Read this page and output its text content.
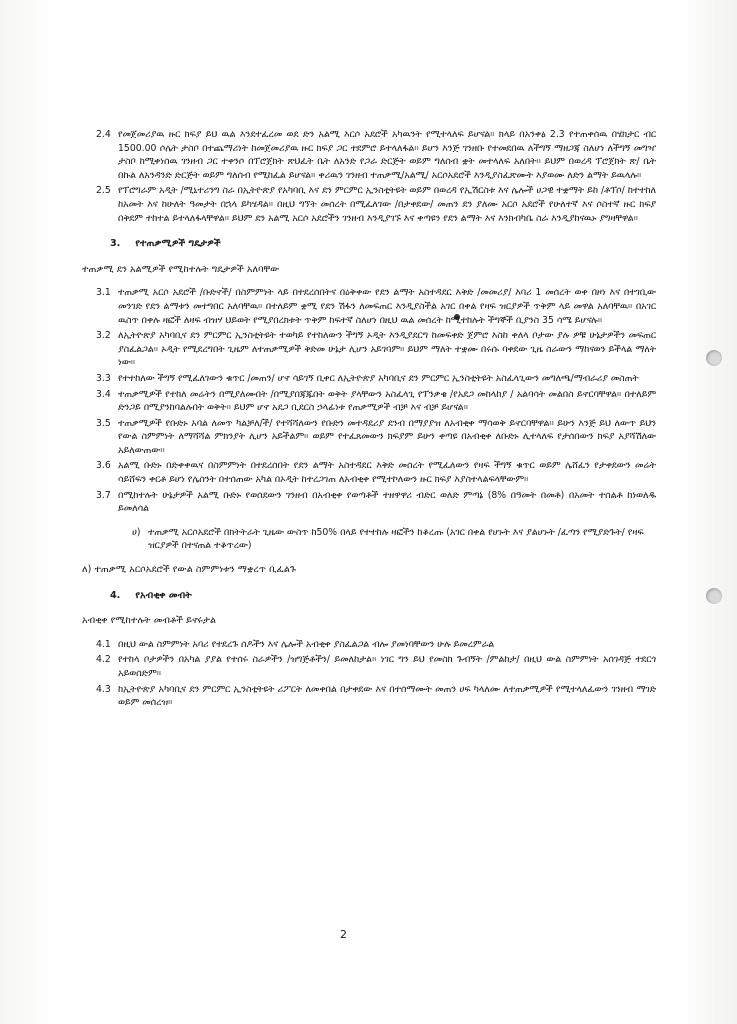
2.4 የመጀመሪያዉ ዙር ክፍያ ይህ ዉል እንደተፈረመ ወደ ድን አልሚ እርሶ አደሮች አካዉንት የሚተላለፍ ይሆናል። ክላይ በአንቀፅ 2.3 የተጠቀሰዉ በሄክታር ብር 1500.00 ሶሌት ታስቦ በተጨማሪነት ከመጀመሪያዉ ዙር ክፍያ ጋር ተደምሮ ይተላለፋል። ይሆን እንጅ ገንዘቡ የተመደበዉ ለችግኝ ማዘጋጃ ስለሆነ ለችግኝ መግዣ ታስቦ ከሚቀነሰዉ ገንዘብ ጋር ተቀንሶ በፕሮጀክት ጽህፈት ቤት ለአንድ የጋራ ድርጅት ወይም ግለሰብ ቋት መተላለፍ አለበት። ይህም በወረዳ ፕሮጀክት ጽ/ ቤት በኩል ለአንዳንድ ድርጅት ወይም ግለሰብ የሚከፈል ይሆናል። ቀሪዉን ገንዘብ ተጠቃሚ/አልሚ/ አርሶአደሮች እንዲያስፈጽሙት እያወሙ ለድን ልማት ይዉላሉ።
2.5 የፕሮግራም አዲት /ሚኒተሪንግ ስራ በኢትዮጵያ የአካባቢ እና ደን ምርምር ኢንስቲትዩት ወይም በወረዳ የኢሽርስቱ እና ሌሎች ሀጋዊ ተቋማት ይከ /ቶፕሶ/ ከተተከለ ከአመት እና ከሁለት ዓመታት በኋላ ይካሄዳል። በዚህ ግኘት መሰረት በሚፈለገው /በታቀደው/ መጠን ደን ያለሙ አርሶ አደሮች የሁለተኛ እና ሶስተኛ ዙር ክፍያ በቅደም ተከተል ይተላለፋላቸዋል። ይህም ደን አልሚ አርሶ አደሮችን ገንዘብ እንዲያገኙ እና ቀጣዩን የደን ልማት እና እንክብካቤ ስራ እንዲያከናዉኑ ያግዛቸዋል።
3. የተጠቃሚዎች ግዴታዎች
ተጠቃሚ ደን አልሚዎች የሚከተሉት ግዴታዎች አለባቸው
3.1 ተጠቃሚ አርሶ አደሮች /ቡድኖች/ በስምምነት ላይ በተደረሰበትና በዕቅቀው የደን ልማት አስተዳደር እቅድ /መመሪያ/ እባሪ 1 መሰረት ወቀ በዞነ እና በተገቢው መንገድ የደን ልማቱን መተግበር አለባቸዉ። በተለይም ቋሚ የደን ሽፋን ለመፍጠር እንዲያስችል አገር በቀል የዛፍ ዝርያዎች ጥቅም ላይ መዋል አለባቸዉ። በአገር ዉስጥ በቀሉ ዛፎች ለዛፍ ብዝሃ ህይወት የሚያበረክቱት ጥቅም ከፍተኛ ስለሆነ በዚህ ዉል መሰረት ከሚተከሉት ችግኞች ቢያንስ 35 ሳሜ ይሆናሉ።
3.2 ለኢትዮጵያ አካባቢና ደን ምርምር ኢንስቲትዩት ተወካይ የተከለውን ችግኝ ኦዲት እንዲያደርግ ከመፍቀድ ጀምሮ እስከ ቀለላ ቦታው ያሉ ዎቹ ሁኔታዎችን መፍጠር ያስፈልጋል። ኦዲት የሚደረግበት ጊዜም ለተጠቃሚዎች ቅድመ ሁኔታ ሊሆን አይገባም። ይህም ማለት ተቋሙ በሩሱ ባቀደው ጊዜ ስራውን ማከናወን ይችላል ማለት ነው።
3.3 የተተከለው ችግኝ የሚፈለገውን ቁጥር /መጠን/ ሆኖ ሳይገኝ ቢቀር ለኢትዮጵያ አካባቢና ደን ምርምር ኢንስቲትዩት አስፈላጊውን መግለጫ/ማብራሪያ መስጠት
3.4 ተጠቃሚዎች የተከለ መሬትን በሚያለሙበት /በሚያበጃጁበት ወቅት ያላቸውን አስፈላጊ የፕንቃቄ /የአደጋ መከላከያ / አልባሳት መልበስ ይኖርባቸዋል። በተለይም ድንጋይ በሚያንከባልሉበት ወቅት። ይህም ሆኖ አደጋ ቢደርስ ኃላፊነቱ የጠቃሚዎች ብቻ እና ብቻ ይሆናል።
3.5 ተጠቃሚዎች የቡድኑ አባል ለመጥ ካልቻለ/ች/ የተሻሻለውን የቡድን መተዳደሪያ ደንብ በማያያዝ ለአብቂቀ ማሳወቅ ይኖርባቸዋል። ይሁን እንጅ ይህ ለውጥ ይህን የውል ስምምነት ለማሻሻል ምክንያት ሊሆን አይችልም። ወይም የተፈጸመውን ክፍያም ይሁን ቀጣዩ በአብቂቀ ለቡድኑ ሊተላለፍ የታሰበውን ክፍያ አያሻሽለው አይለውጠው።
3.6 አልሚ ቡድኑ በድቀቀዉና በስምምነት በተደረሰበት የደን ልማት አስተዳደር እቅድ መሰረት የሚፈለውን የዛፍ ችግኝ ቁጥር ወይም ሌሸፈን የታቀደውን መሬት ሳይሸፍን ቀርቶ ይሆነ የሌሰንት በተሰጠው አካል በኦዲት ከተረጋገጠ ለአብቂቀ የሚተኮለውን ዙር ክፍያ እያስተላልፍላቸውም።
3.7 በሚከተሉት ሁኔታዎች አልሚ ቡድኑ የወሰደውን ገንዘብ በአብቂቀ የወጣቶች ተዘዋዋሪ ብድር ወለድ ምጣኔ (8% በዓመት በመቶ) በአመት ተሰልቶ ከነወለዱ ይመለሳል
ሀ) ተጠቃሚ አርሶአደሮች በክትትራት ጊዜው ውስጥ ከ50% በላይ የተተከሉ ዛፎችን ከቆረጡ (አገር በቀል የሆኑት እና ያልሆኑት /ፈጣን የሚያድጉት/ የዛፍ ዝርያዎች በተናጠል ተቆጥረው)
ለ) ተጠቃሚ አርሶአደሮች የውል ስምምነቱን ማቋረጥ ቢፈልጉ
4. የአብቂቀ መብት
አብቂቀ የሚከተሉት መብቶች ይኖሩታል
4.1 በዚህ ውል ስምምነት አባሪ የተደረጉ ሰዶችን እና ሌሎች አብቂቀ ያስፈልጋል ብሎ ያመነባቸውን ሁሉ ይመረምራል
4.2 የተከላ ቦታዎችን በአካል ያያል የተሰሩ ስራዎችን /ዝግጅቶችን/ ይመለከታል። ነገር ግን ይህ የመስክ ጉብኝት /ምልከታ/ በዚህ ውል ስምምነት አሰገዳጅ ተደርጎ አይወሰድም።
4.3 ከኢትዮጵያ አካባቢና ደን ምርምር ኢንስቲትዩት ሪፖርት ለመቀበል በታቀደው እና በተሰማሙት መጠን ሀፍ ካላለሙ ለተጠቃሚዎች የሚተላለፈውን ገንዘብ ማገድ ወይም መሰረዝ።
2
